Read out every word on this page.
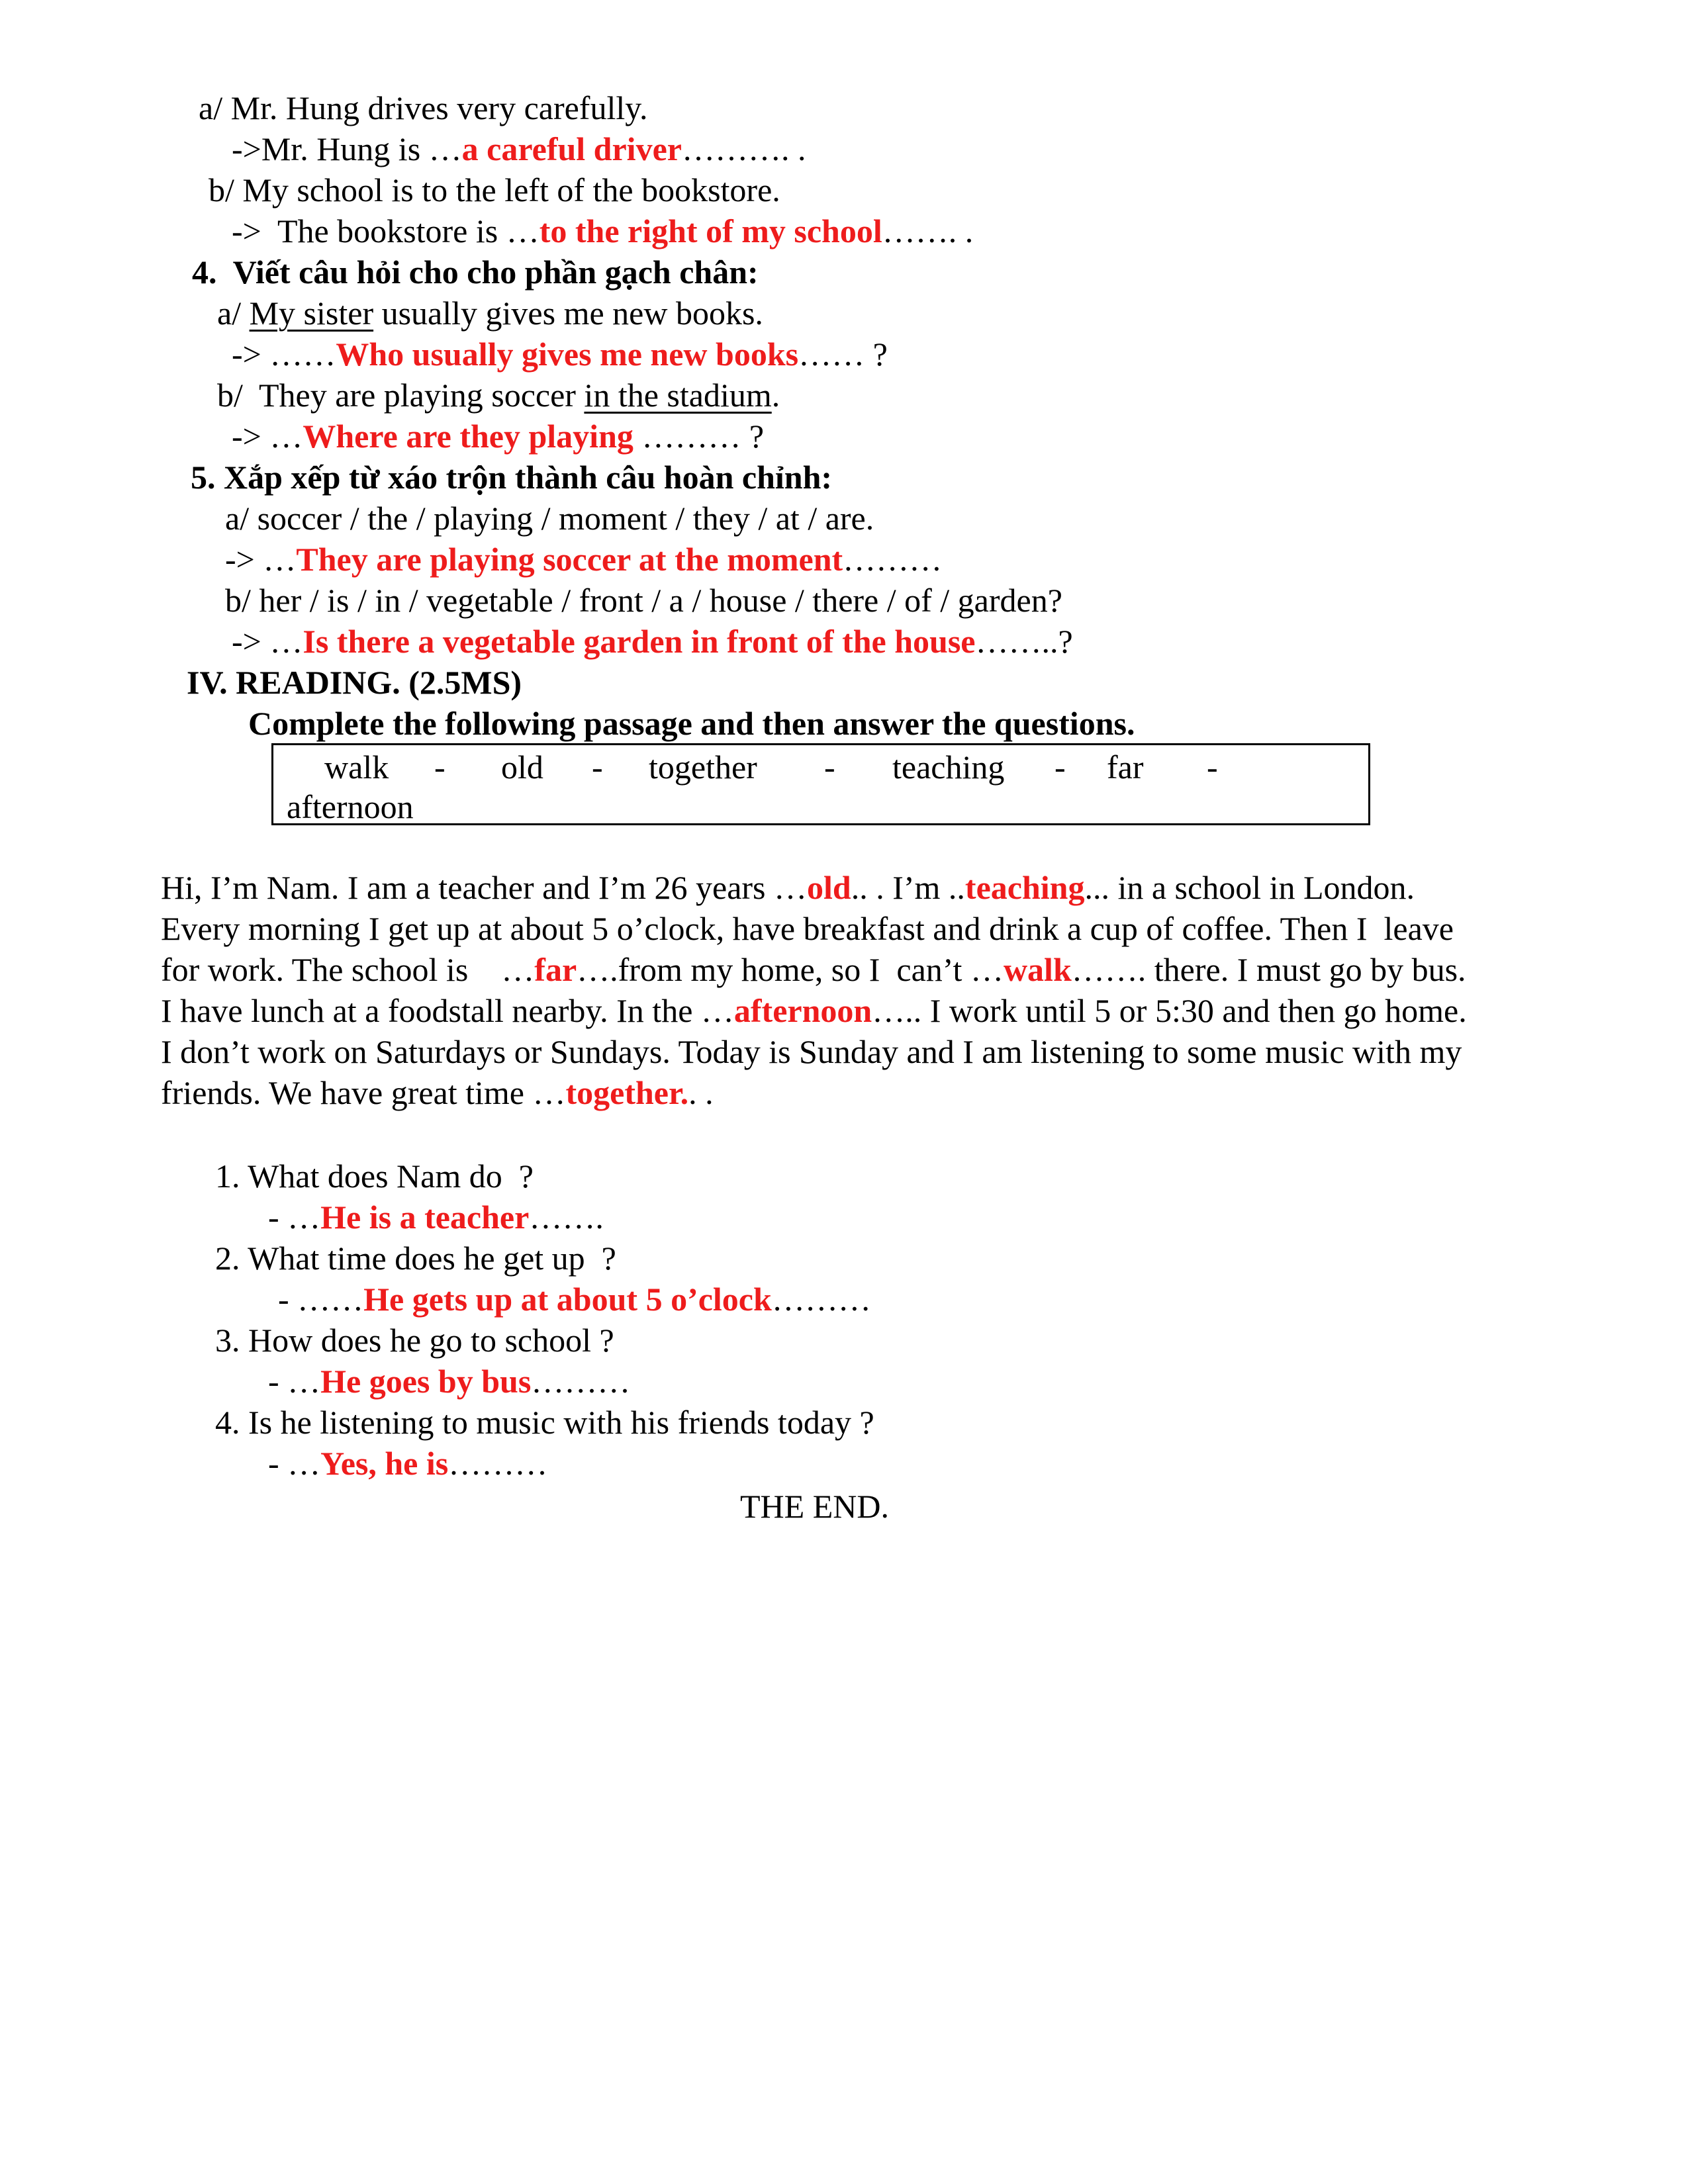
a/ Mr. Hung drives very carefully.
->Mr. Hung is …a careful driver………. .
b/ My school is to the left of the bookstore.
->  The bookstore is …to the right of my school……. .
4.  Viết câu hỏi cho cho phần gạch chân:
a/ My sister usually gives me new books.
-> ……Who usually gives me new books…… ?
b/  They are playing soccer in the stadium.
-> …Where are they playing ……… ?
5. Xắp xếp từ xáo trộn thành câu hoàn chỉnh:
a/ soccer / the / playing / moment / they / at / are.
-> …They are playing soccer at the moment………
b/ her / is / in / vegetable / front / a / house / there / of / garden?
-> …Is there a vegetable garden in front of the house……..?
IV. READING. (2.5MS)
Complete the following passage and then answer the questions.
walk - old - together - teaching - far -
afternoon
Hi, I’m Nam. I am a teacher and I’m 26 years …old.. . I’m ..teaching... in a school in London.
Every morning I get up at about 5 o’clock, have breakfast and drink a cup of coffee. Then I  leave
for work. The school is    …far….from my home, so I  can’t …walk……. there. I must go by bus.
I have lunch at a foodstall nearby. In the …afternoon….. I work until 5 or 5:30 and then go home.
I don’t work on Saturdays or Sundays. Today is Sunday and I am listening to some music with my
friends. We have great time …together.. .
1. What does Nam do  ?
- …He is a teacher…….
2. What time does he get up  ?
- ……He gets up at about 5 o’clock………
3. How does he go to school ?
- …He goes by bus………
4. Is he listening to music with his friends today ?
- …Yes, he is………
THE END.
